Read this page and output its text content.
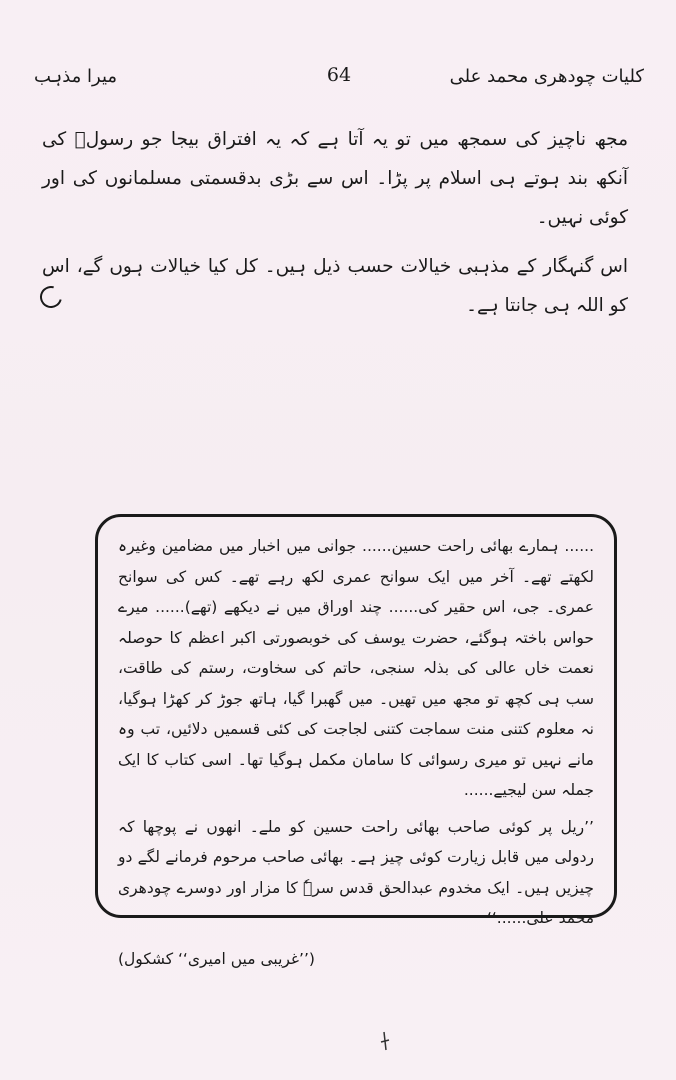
کلیات چودھری محمد علی
64
میرا مذہب

مجھ ناچیز کی سمجھ میں تو یہ آتا ہے کہ یہ افتراق بیجا جو رسولؐ کی آنکھ بند ہوتے ہی اسلام پر پڑا۔ اس سے بڑی بدقسمتی مسلمانوں کی اور کوئی نہیں۔

اس گنہگار کے مذہبی خیالات حسب ذیل ہیں۔ کل کیا خیالات ہوں گے، اس کو اللہ ہی جانتا ہے۔

...... ہمارے بھائی راحت حسین...... جوانی میں اخبار میں مضامین وغیرہ لکھتے تھے۔ آخر میں ایک سوانح عمری لکھ رہے تھے۔ کس کی سوانح عمری۔ جی، اس حقیر کی...... چند اوراق میں نے دیکھے (تھے)...... میرے حواس باختہ ہوگئے، حضرت یوسف کی خوبصورتی اکبر اعظم کا حوصلہ نعمت خاں عالی کی بذلہ سنجی، حاتم کی سخاوت، رستم کی طاقت، سب ہی کچھ تو مجھ میں تھیں۔ میں گھبرا گیا، ہاتھ جوڑ کر کھڑا ہوگیا، نہ معلوم کتنی منت سماجت کتنی لجاجت کی کئی قسمیں دلائیں، تب وہ مانے نہیں تو میری رسوائی کا سامان مکمل ہوگیا تھا۔ اسی کتاب کا ایک جملہ سن لیجیے......

’’ریل پر کوئی صاحب بھائی راحت حسین کو ملے۔ انھوں نے پوچھا کہ ردولی میں قابل زیارت کوئی چیز ہے۔ بھائی صاحب مرحوم فرمانے لگے دو چیزیں ہیں۔ ایک مخدوم عبدالحق قدس سرہٗ کا مزار اور دوسرے چودھری محمد علی......‘‘

(’’غریبی میں امیری‘‘ کشکول)
